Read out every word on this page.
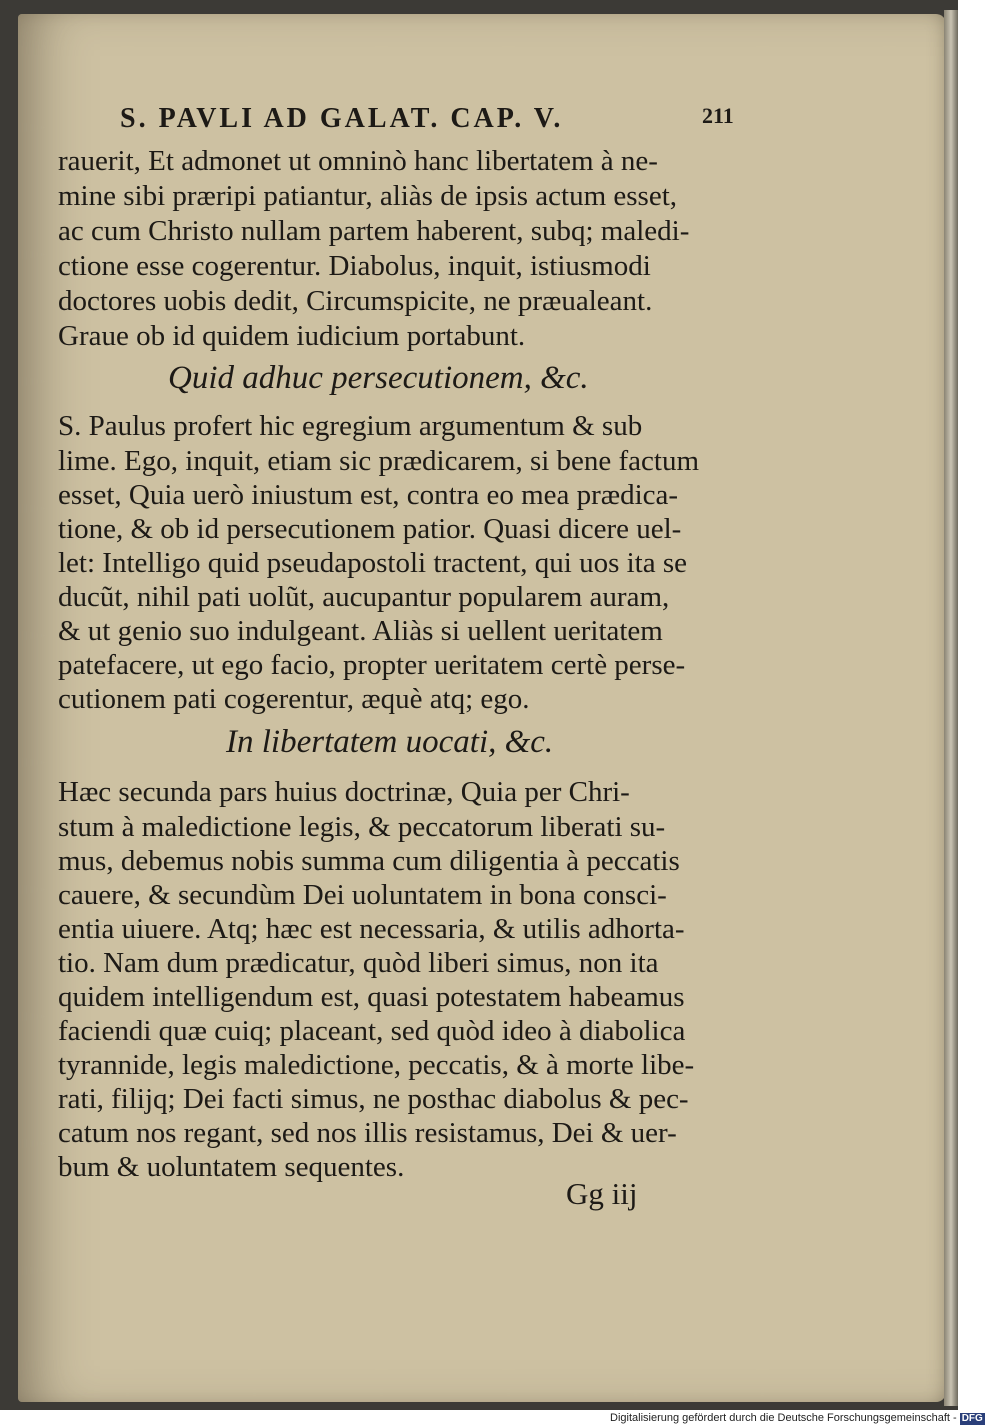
S. PAVLI AD GALAT. CAP. V.	211

rauerit, Et admonet ut omninò hanc libertatem à ne-

mine sibi præripi patiantur, aliàs de ipsis actum esset,

ac cum Christo nullam partem haberent, subq; maledi-

ctione esse cogerentur. Diabolus, inquit, istiusmodi

doctores uobis dedit, Circumspicite, ne præualeant.

Graue ob id quidem iudicium portabunt.

Quid adhuc persecutionem, &c.

S. Paulus profert hic egregium argumentum & sub

lime. Ego, inquit, etiam sic prædicarem, si bene factum

esset, Quia uerò iniustum est, contra eo mea prædica-

tione, & ob id persecutionem patior. Quasi dicere uel-

let: Intelligo quid pseudapostoli tractent, qui uos ita se

ducũt, nihil pati uolũt, aucupantur popularem auram,

& ut genio suo indulgeant. Aliàs si uellent ueritatem

patefacere, ut ego facio, propter ueritatem certè perse-

cutionem pati cogerentur, æquè atq; ego.

In libertatem uocati, &c.

Hæc secunda pars huius doctrinæ, Quia per Chri-

stum à maledictione legis, & peccatorum liberati su-

mus, debemus nobis summa cum diligentia à peccatis

cauere, & secundùm Dei uoluntatem in bona consci-

entia uiuere. Atq; hæc est necessaria, & utilis adhorta-

tio. Nam dum prædicatur, quòd liberi simus, non ita

quidem intelligendum est, quasi potestatem habeamus

faciendi quæ cuiq; placeant, sed quòd ideo à diabolica

tyrannide, legis maledictione, peccatis, & à morte libe-

rati, filijq; Dei facti simus, ne posthac diabolus & pec-

catum nos regant, sed nos illis resistamus, Dei & uer-

bum & uoluntatem sequentes.

Gg iij
Digitalisierung gefördert durch die Deutsche Forschungsgemeinschaft - DFG
